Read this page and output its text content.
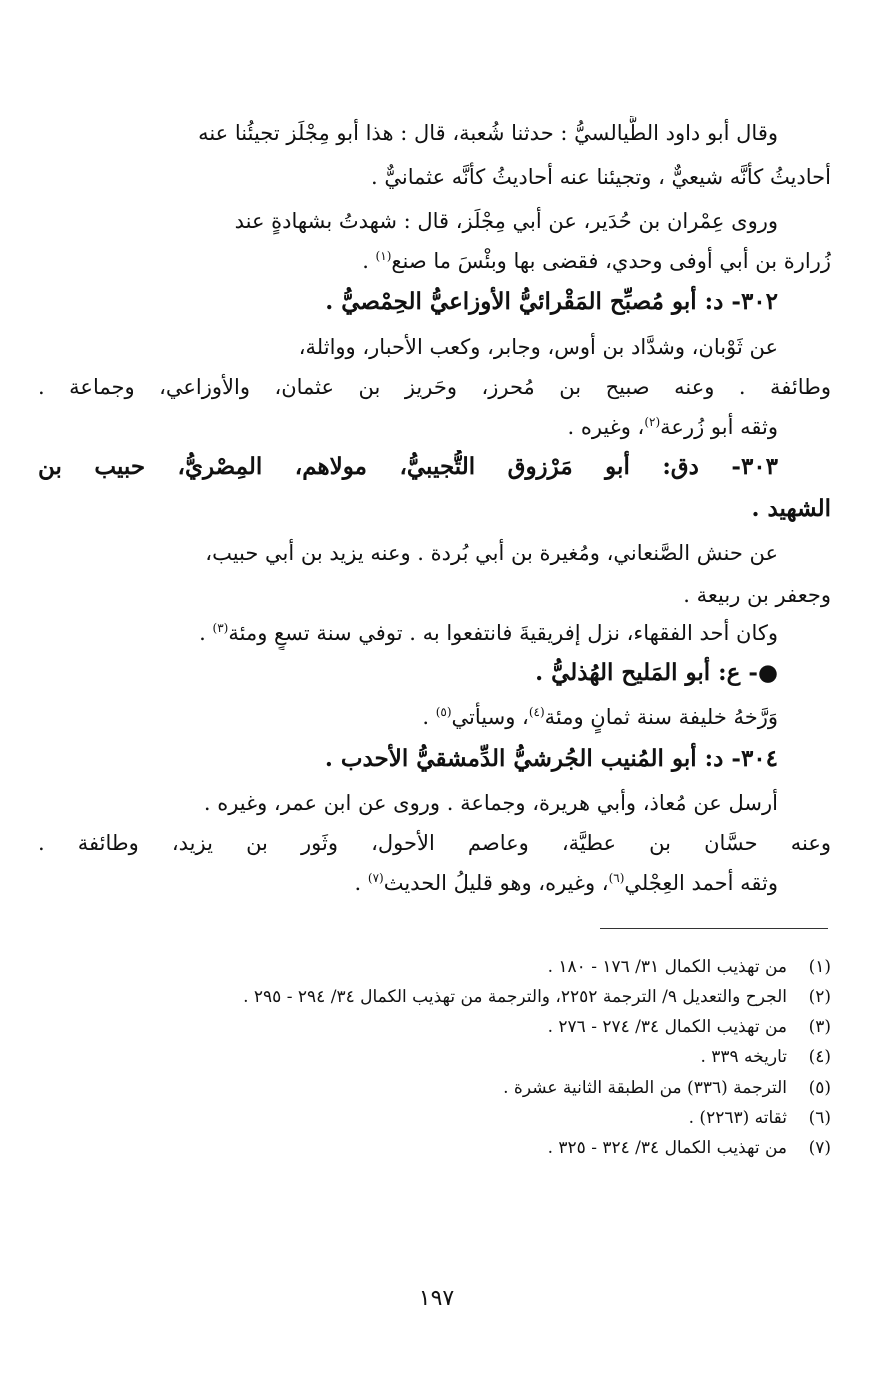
وقال أبو داود الطَّيالسيُّ : حدثنا شُعبة، قال : هذا أبو مِجْلَز تجيئُنا عنه
أحاديثُ كأنَّه شيعيٌّ ، وتجيئنا عنه أحاديثُ كأنَّه عثمانيٌّ .
وروى عِمْران بن حُدَير، عن أبي مِجْلَز، قال : شهدتُ بشهادةٍ عند
زُرارة بن أبي أوفى وحدي، فقضى بها وبئْسَ ما صنع$^{(١)}$ .
٣٠٢- د: أبو مُصبِّح المَقْرائيُّ الأوزاعيُّ الحِمْصيُّ .
عن ثَوْبان، وشدَّاد بن أوس، وجابر، وكعب الأحبار، وواثلة،
وطائفة . وعنه صبيح بن مُحرز، وحَريز بن عثمان، والأوزاعي، وجماعة .
وثقه أبو زُرعة$^{(٢)}$، وغيره .
٣٠٣- دق: أبو مَرْزوق التُّجيبيُّ، مولاهم، المِصْريُّ، حبيب بن
الشهيد .
عن حنش الصَّنعاني، ومُغيرة بن أبي بُردة . وعنه يزيد بن أبي حبيب،
وجعفر بن ربيعة .
وكان أحد الفقهاء، نزل إفريقيةَ فانتفعوا به . توفي سنة تسعٍ ومئة$^{(٣)}$ .
●- ع: أبو المَليح الهُذليُّ .
وَرَّخهُ خليفة سنة ثمانٍ ومئة$^{(٤)}$، وسيأتي$^{(٥)}$ .
٣٠٤- د: أبو المُنيب الجُرشيُّ الدِّمشقيُّ الأحدب .
أرسل عن مُعاذ، وأبي هريرة، وجماعة . وروى عن ابن عمر، وغيره .
وعنه حسَّان بن عطيَّة، وعاصم الأحول، وثَور بن يزيد، وطائفة .
وثقه أحمد العِجْلي$^{(٦)}$، وغيره، وهو قليلُ الحديث$^{(٧)}$ .
(١)من تهذيب الكمال ٣١/ ١٧٦ - ١٨٠ .
(٢)الجرح والتعديل ٩/ الترجمة ٢٢٥٢، والترجمة من تهذيب الكمال ٣٤/ ٢٩٤ - ٢٩٥ .
(٣)من تهذيب الكمال ٣٤/ ٢٧٤ - ٢٧٦ .
(٤)تاريخه ٣٣٩ .
(٥)الترجمة (٣٣٦) من الطبقة الثانية عشرة .
(٦)ثقاته (٢٢٦٣) .
(٧)من تهذيب الكمال ٣٤/ ٣٢٤ - ٣٢٥ .
١٩٧
